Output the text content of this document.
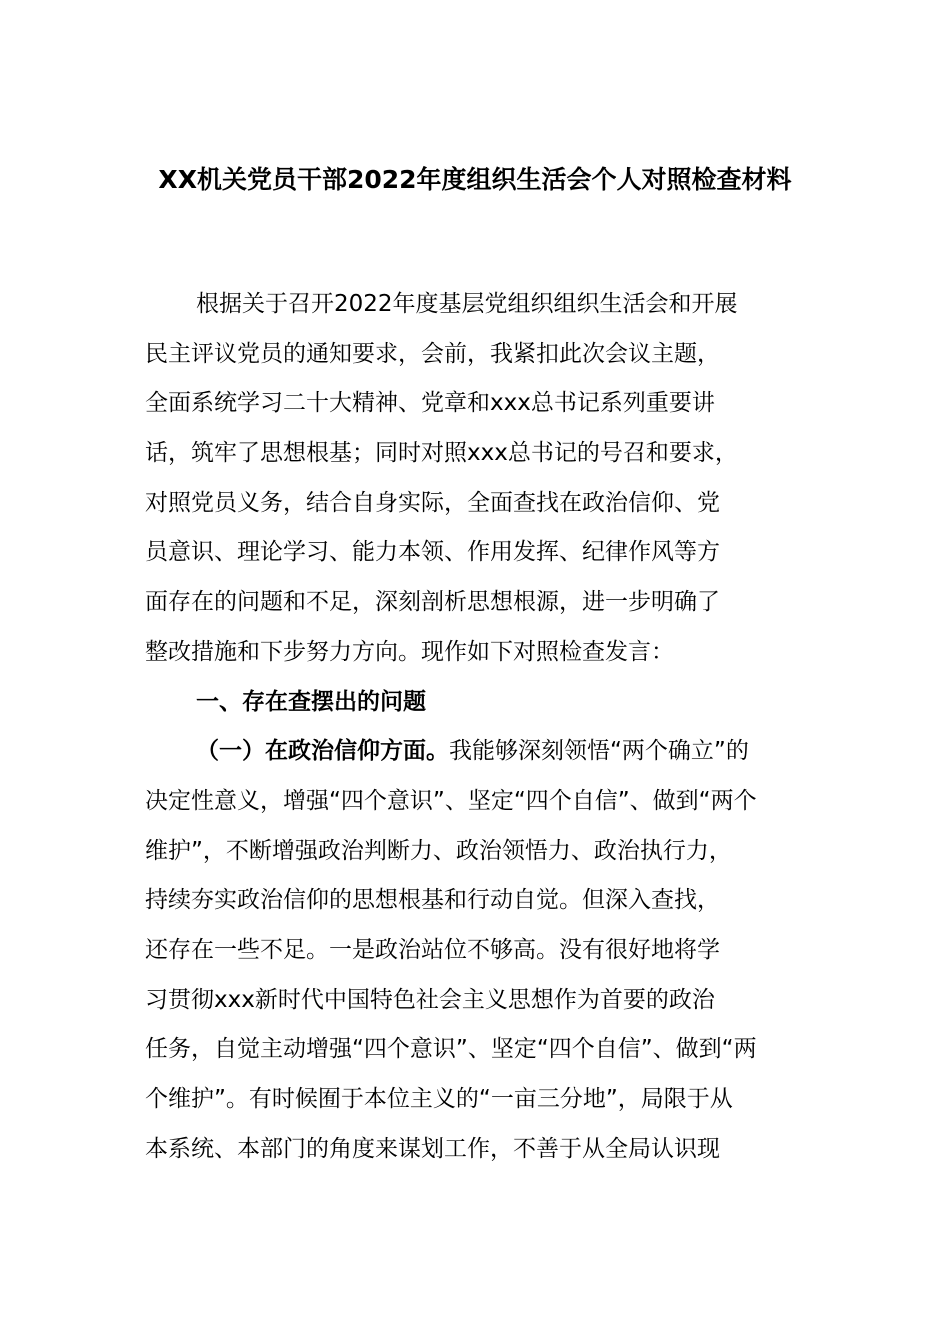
XX机关党员干部2022年度组织生活会个人对照检查材料
根据关于召开2022年度基层党组织组织生活会和开展
民主评议党员的通知要求，会前，我紧扣此次会议主题，
全面系统学习二十大精神、党章和xxx总书记系列重要讲
话，筑牢了思想根基；同时对照xxx总书记的号召和要求，
对照党员义务，结合自身实际，全面查找在政治信仰、党
员意识、理论学习、能力本领、作用发挥、纪律作风等方
面存在的问题和不足，深刻剖析思想根源，进一步明确了
整改措施和下步努力方向。现作如下对照检查发言：
一、存在查摆出的问题
（一）在政治信仰方面。我能够深刻领悟“两个确立”的
决定性意义，增强“四个意识”、坚定“四个自信”、做到“两个
维护”，不断增强政治判断力、政治领悟力、政治执行力，
持续夯实政治信仰的思想根基和行动自觉。但深入查找，
还存在一些不足。一是政治站位不够高。没有很好地将学
习贯彻xxx新时代中国特色社会主义思想作为首要的政治
任务，自觉主动增强“四个意识”、坚定“四个自信”、做到“两
个维护”。有时候囿于本位主义的“一亩三分地”，局限于从
本系统、本部门的角度来谋划工作，不善于从全局认识现
